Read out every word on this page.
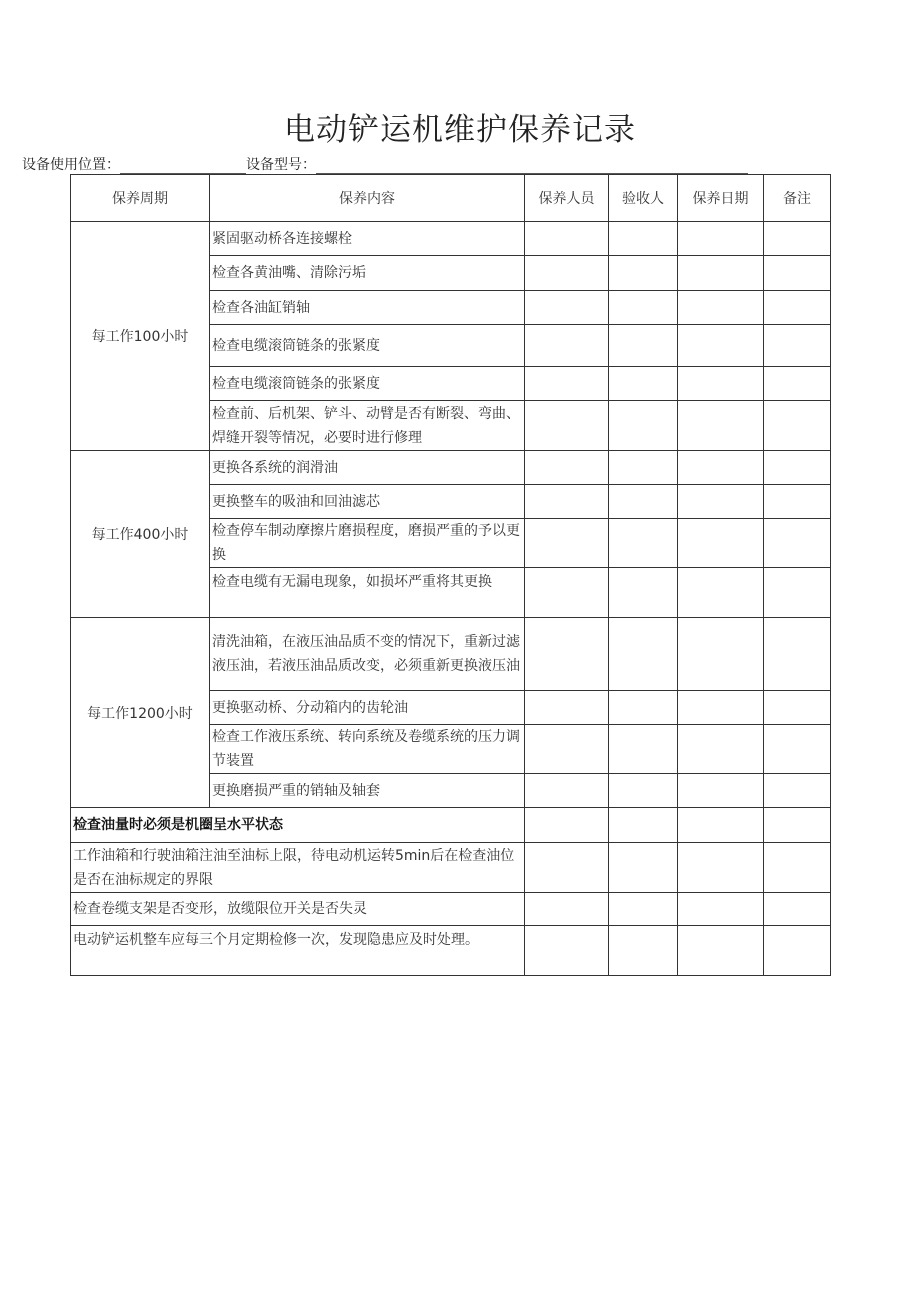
电动铲运机维护保养记录
设备使用位置：	设备型号：
保养周期	保养内容	保养人员	验收人	保养日期	备注
每工作100小时	紧固驱动桥各连接螺栓				
	检查各黄油嘴、清除污垢				
	检查各油缸销轴				
	检查电缆滚筒链条的张紧度				
	检查电缆滚筒链条的张紧度				
	检查前、后机架、铲斗、动臂是否有断裂、弯曲、焊缝开裂等情况，必要时进行修理				
每工作400小时	更换各系统的润滑油				
	更换整车的吸油和回油滤芯				
	检查停车制动摩擦片磨损程度，磨损严重的予以更换				
	检查电缆有无漏电现象，如损坏严重将其更换				
每工作1200小时	清洗油箱，在液压油品质不变的情况下，重新过滤液压油，若液压油品质改变，必须重新更换液压油				
	更换驱动桥、分动箱内的齿轮油				
	检查工作液压系统、转向系统及卷缆系统的压力调节装置				
	更换磨损严重的销轴及轴套				
检查油量时必须是机圈呈水平状态					
工作油箱和行驶油箱注油至油标上限，待电动机运转5min后在检查油位是否在油标规定的界限					
检查卷缆支架是否变形，放缆限位开关是否失灵					
电动铲运机整车应每三个月定期检修一次，发现隐患应及时处理。					
